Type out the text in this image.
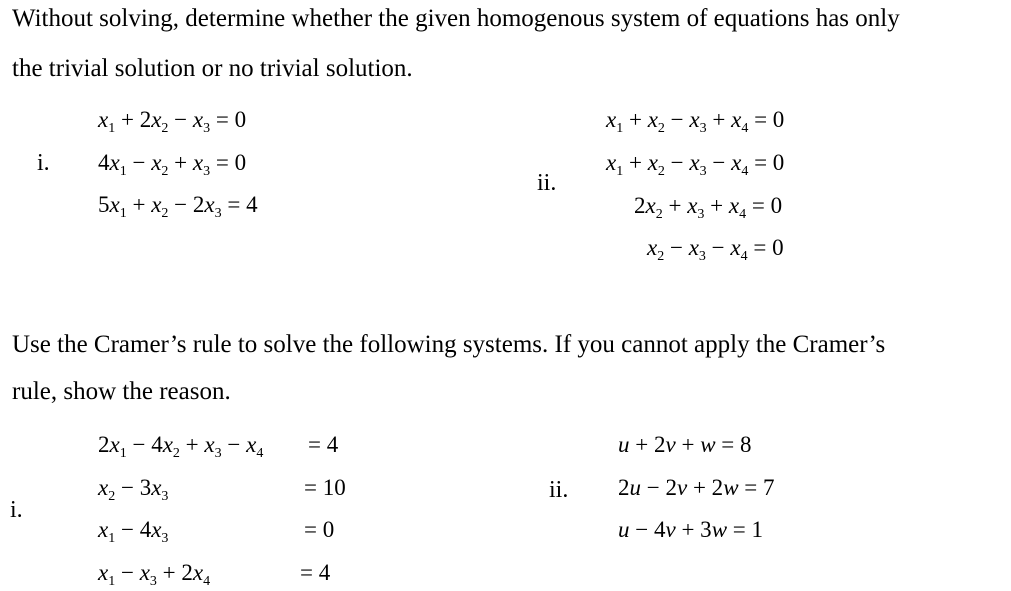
Without solving, determine whether the given homogenous system of equations has only
the trivial solution or no trivial solution.
i.
$x_1 + 2x_2 - x_3 = 0$
$4x_1 - x_2 + x_3 = 0$
$5x_1 + x_2 - 2x_3 = 4$
ii.
$x_1 + x_2 - x_3 + x_4 = 0$
$x_1 + x_2 - x_3 - x_4 = 0$
$2x_2 + x_3 + x_4 = 0$
$x_2 - x_3 - x_4 = 0$
Use the Cramer’s rule to solve the following systems. If you cannot apply the Cramer’s
rule, show the reason.
i.
$2x_1 - 4x_2 + x_3 - x_4 = 4$
$x_2 - 3x_3$	= 10
$x_1 - 4x_3$	= 0
$x_1 - x_3 + 2x_4$	= 4
ii.
u + 2v + w = 8
2u − 2v + 2w = 7
u − 4v + 3w = 1
